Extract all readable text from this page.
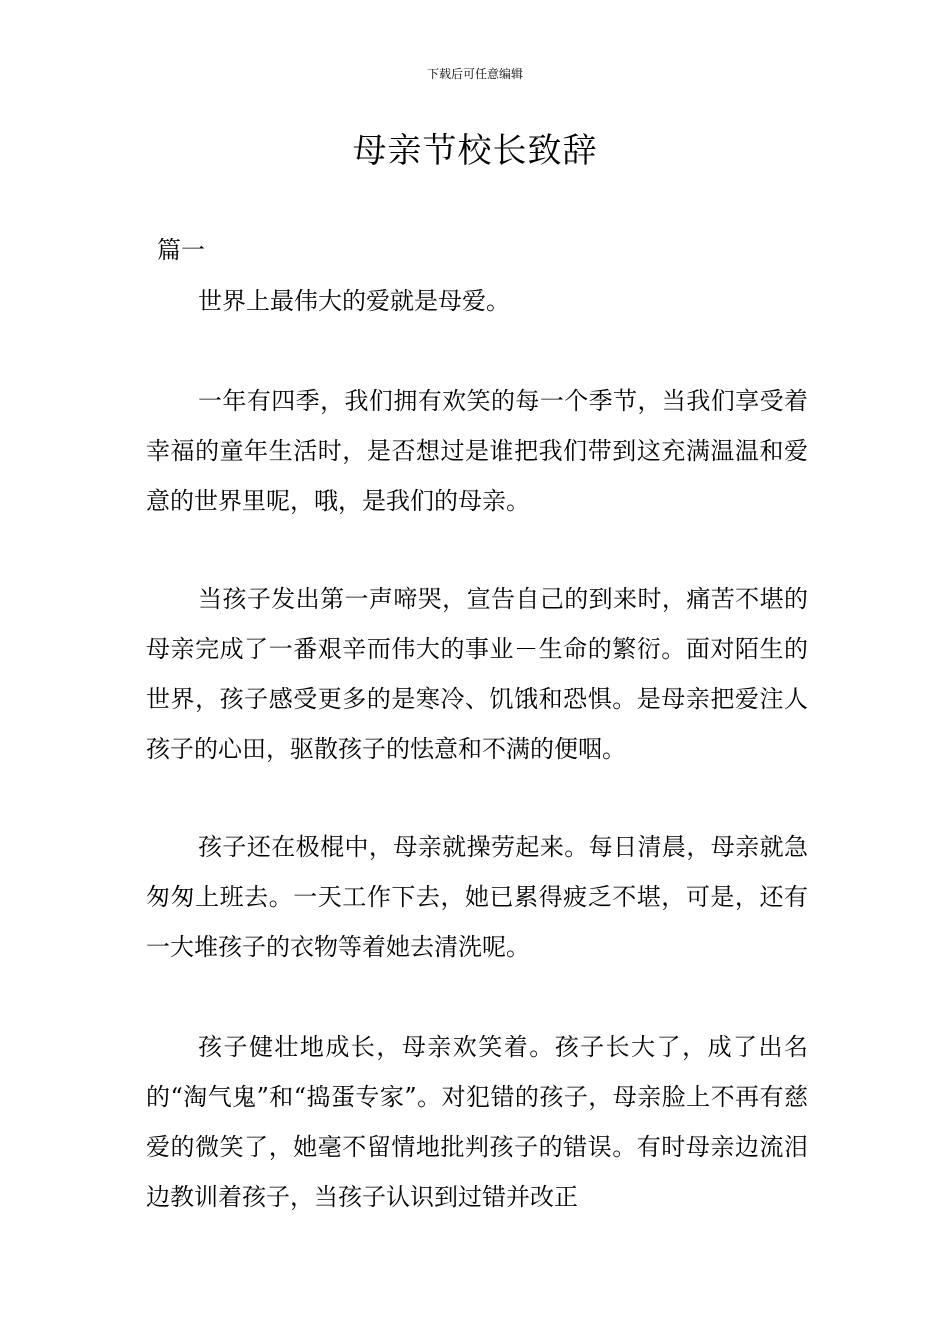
下载后可任意编辑
母亲节校长致辞
篇一

世界上最伟大的爱就是母爱。

一年有四季，我们拥有欢笑的每一个季节，当我们享受着幸福的童年生活时，是否想过是谁把我们带到这充满温温和爱意的世界里呢，哦，是我们的母亲。

当孩子发出第一声啼哭，宣告自己的到来时，痛苦不堪的母亲完成了一番艰辛而伟大的事业－生命的繁衍。面对陌生的世界，孩子感受更多的是寒冷、饥饿和恐惧。是母亲把爱注人孩子的心田，驱散孩子的怯意和不满的便咽。

孩子还在极棍中，母亲就操劳起来。每日清晨，母亲就急匆匆上班去。一天工作下去，她已累得疲乏不堪，可是，还有一大堆孩子的衣物等着她去清洗呢。

孩子健壮地成长，母亲欢笑着。孩子长大了，成了出名的“淘气鬼”和“捣蛋专家”。对犯错的孩子，母亲脸上不再有慈爱的微笑了，她毫不留情地批判孩子的错误。有时母亲边流泪边教训着孩子，当孩子认识到过错并改正
